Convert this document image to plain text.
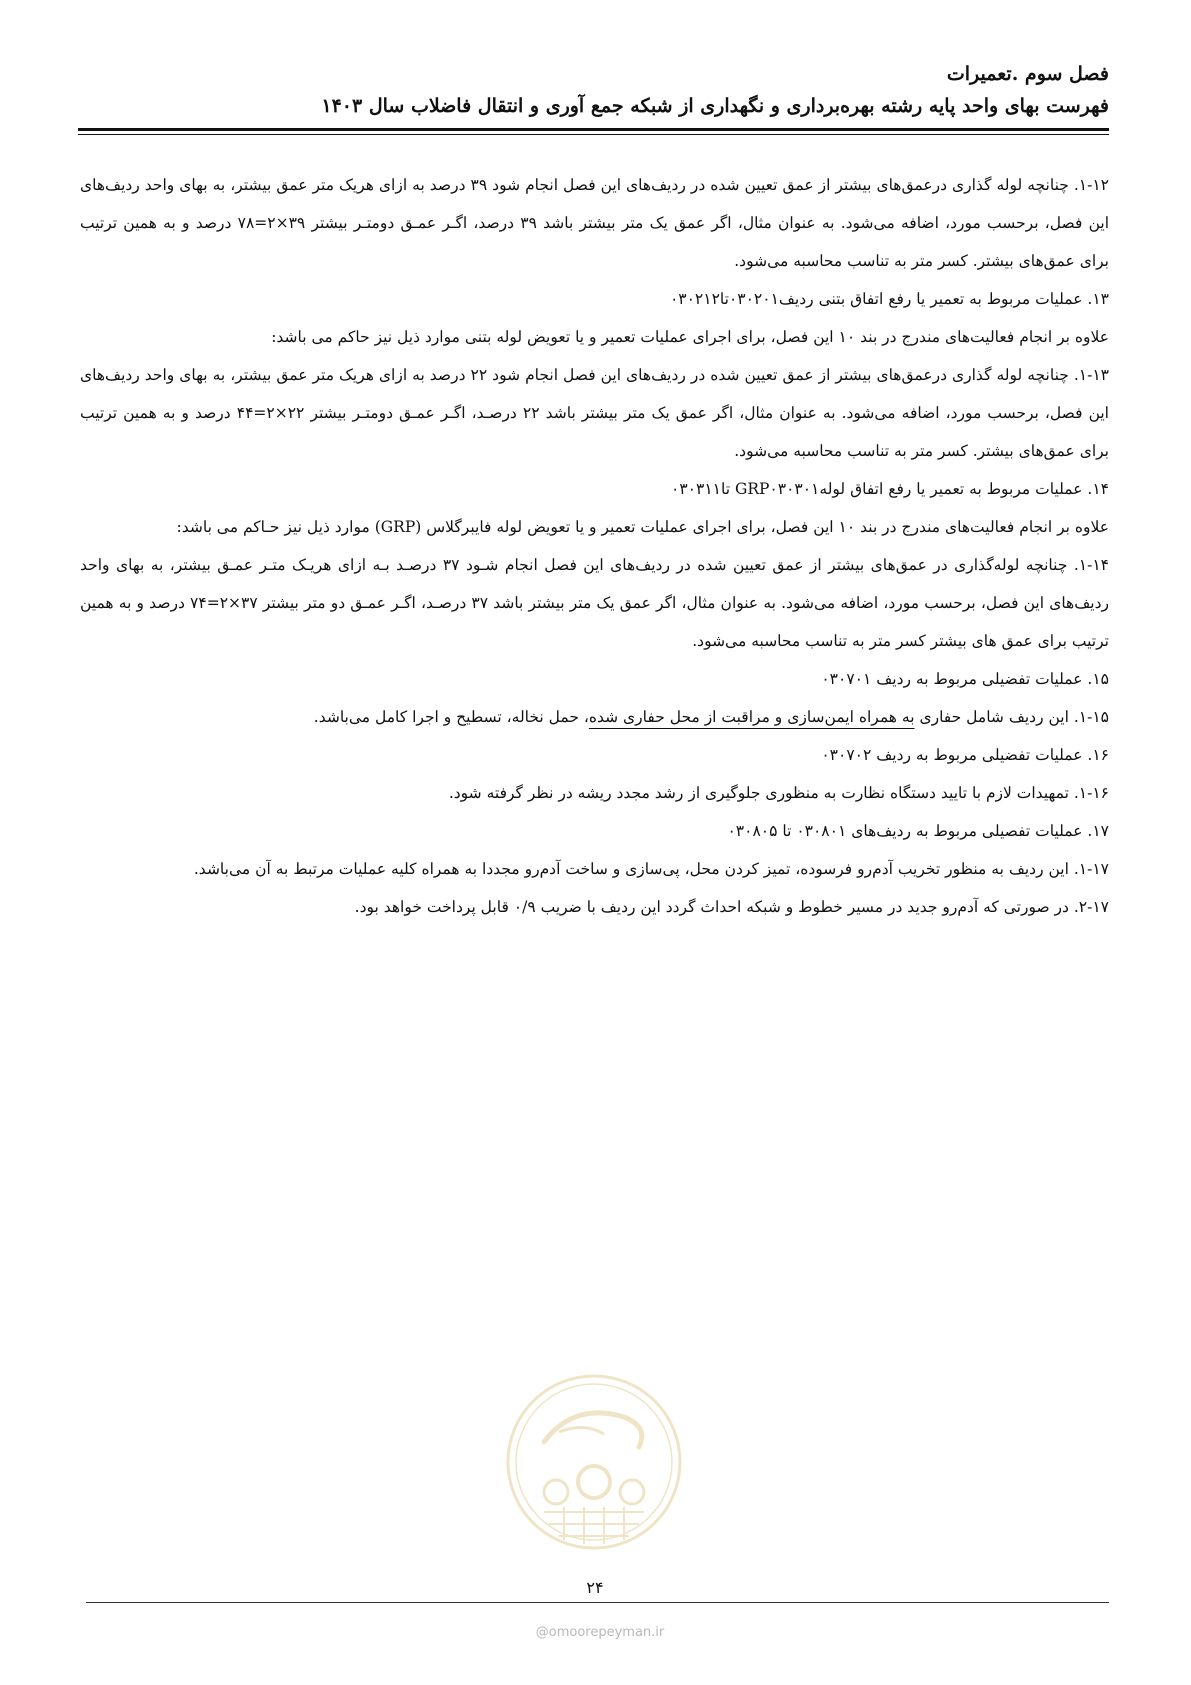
فصل سوم .تعمیرات
فهرست بهای واحد پایه رشته بهره‌برداری و نگهداری از شبکه جمع آوری و انتقال فاضلاب سال ۱۴۰۳

۱-۱۲. چنانچه لوله گذاری درعمق‌های بیشتر از عمق تعیین شده در ردیف‌های این فصل انجام شود ۳۹ درصد به ازای هریک متر عمق بیشتر، به بهای واحد ردیف‌های این فصل، برحسب مورد، اضافه می‌شود. به عنوان مثال، اگر عمق یک متر بیشتر باشد ۳۹ درصد، اگـر عمـق دومتـر بیشتر ۳۹×۲=۷۸ درصد و به همین ترتیب برای عمق‌های بیشتر. کسر متر به تناسب محاسبه می‌شود.

۱۳. عملیات مربوط به تعمیر یا رفع اتفاق بتنی ردیف۰۳۰۲۰۱تا۰۳۰۲۱۲

علاوه بر انجام فعالیت‌های مندرج در بند ۱۰ این فصل، برای اجرای عملیات تعمیر و یا تعویض لوله بتنی موارد ذیل نیز حاکم می باشد:

۱-۱۳. چنانچه لوله گذاری درعمق‌های بیشتر از عمق تعیین شده در ردیف‌های این فصل انجام شود ۲۲ درصد به ازای هریک متر عمق بیشتر، به بهای واحد ردیف‌های این فصل، برحسب مورد، اضافه می‌شود. به عنوان مثال، اگر عمق یک متر بیشتر باشد ۲۲ درصـد، اگـر عمـق دومتـر بیشتر ۲۲×۲=۴۴ درصد و به همین ترتیب برای عمق‌های بیشتر. کسر متر به تناسب محاسبه می‌شود.

۱۴. عملیات مربوط به تعمیر یا رفع اتفاق لولهGRP۰۳۰۳۰۱ تا۰۳۰۳۱۱

علاوه بر انجام فعالیت‌های مندرج در بند ۱۰ این فصل، برای اجرای عملیات تعمیر و یا تعویض لوله فایبرگلاس (GRP) موارد ذیل نیز حـاکم می باشد:

۱-۱۴. چنانچه لوله‌گذاری در عمق‌های بیشتر از عمق تعیین شده در ردیف‌های این فصل انجام شـود ۳۷ درصـد بـه ازای هریـک متـر عمـق بیشتر، به بهای واحد ردیف‌های این فصل، برحسب مورد، اضافه می‌شود. به عنوان مثال، اگر عمق یک متر بیشتر باشد ۳۷ درصـد، اگـر عمـق دو متر بیشتر ۳۷×۲=۷۴ درصد و به همین ترتیب برای عمق های بیشتر کسر متر به تناسب محاسبه می‌شود.

۱۵. عملیات تفضیلی مربوط به ردیف ۰۳۰۷۰۱

۱-۱۵. این ردیف شامل حفاری به همراه ایمن‌سازی و مراقبت از محل حفاری شده، حمل نخاله، تسطیح و اجرا کامل می‌باشد.

۱۶. عملیات تفضیلی مربوط به ردیف ۰۳۰۷۰۲

۱-۱۶. تمهیدات لازم با تایید دستگاه نظارت به منظوری جلوگیری از رشد مجدد ریشه در نظر گرفته شود.

۱۷. عملیات تفصیلی مربوط به ردیف‌های ۰۳۰۸۰۱ تا ۰۳۰۸۰۵

۱-۱۷. این ردیف به منظور تخریب آدم‌رو فرسوده، تمیز کردن محل، پی‌سازی و ساخت آدم‌رو مجددا به همراه کلیه عملیات مرتبط به آن می‌باشد.

۲-۱۷. در صورتی که آدم‌رو جدید در مسیر خطوط و شبکه احداث گردد این ردیف با ضریب ۰/۹ قابل پرداخت خواهد بود.

۲۴
@omoorepeyman.ir
